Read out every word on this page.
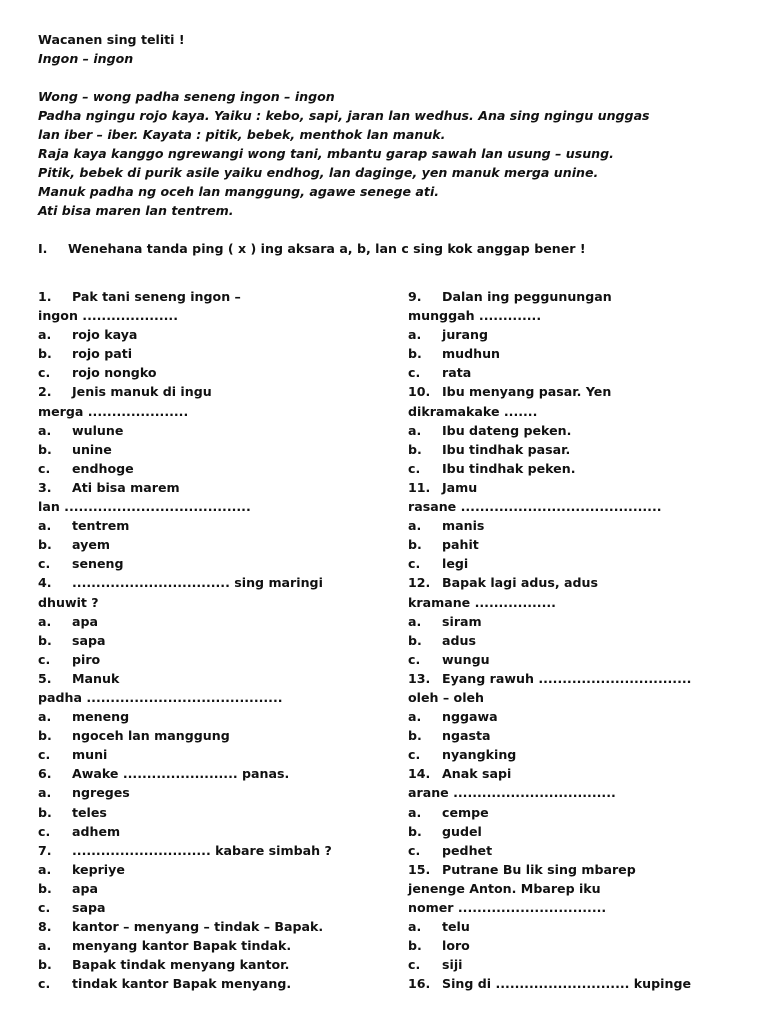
Wacanen sing teliti !
Ingon – ingon
Wong – wong padha seneng ingon – ingon
Padha ngingu rojo kaya. Yaiku : kebo, sapi, jaran lan wedhus. Ana sing ngingu unggas
lan iber – iber. Kayata : pitik, bebek, menthok lan manuk.
Raja kaya kanggo ngrewangi wong tani, mbantu garap sawah lan usung – usung.
Pitik, bebek di purik asile yaiku endhog, lan daginge, yen manuk merga unine.
Manuk padha ng oceh lan manggung, agawe senege ati.
Ati bisa maren lan tentrem.
I. Wenehana tanda ping ( x ) ing aksara a, b, lan c sing kok anggap bener !
1. Pak tani seneng ingon –
ingon ....................
a. rojo kaya
b. rojo pati
c. rojo nongko
2. Jenis manuk di ingu
merga .....................
a. wulune
b. unine
c. endhoge
3. Ati bisa marem
lan .......................................
a. tentrem
b. ayem
c. seneng
4. ................................. sing maringi
dhuwit ?
a. apa
b. sapa
c. piro
5. Manuk
padha .........................................
a. meneng
b. ngoceh lan manggung
c. muni
6. Awake ........................ panas.
a. ngreges
b. teles
c. adhem
7. ............................. kabare simbah ?
a. kepriye
b. apa
c. sapa
8. kantor – menyang – tindak – Bapak.
a. menyang kantor Bapak tindak.
b. Bapak tindak menyang kantor.
c. tindak kantor Bapak menyang.
9. Dalan ing peggunungan
munggah .............
a. jurang
b. mudhun
c. rata
10. Ibu menyang pasar. Yen
dikramakake .......
a. Ibu dateng peken.
b. Ibu tindhak pasar.
c. Ibu tindhak peken.
11. Jamu
rasane ..........................................
a. manis
b. pahit
c. legi
12. Bapak lagi adus, adus
kramane .................
a. siram
b. adus
c. wungu
13. Eyang rawuh ................................
oleh – oleh
a. nggawa
b. ngasta
c. nyangking
14. Anak sapi
arane ..................................
a. cempe
b. gudel
c. pedhet
15. Putrane Bu lik sing mbarep
jenenge Anton. Mbarep iku
nomer ...............................
a. telu
b. loro
c. siji
16. Sing di ............................ kupinge
